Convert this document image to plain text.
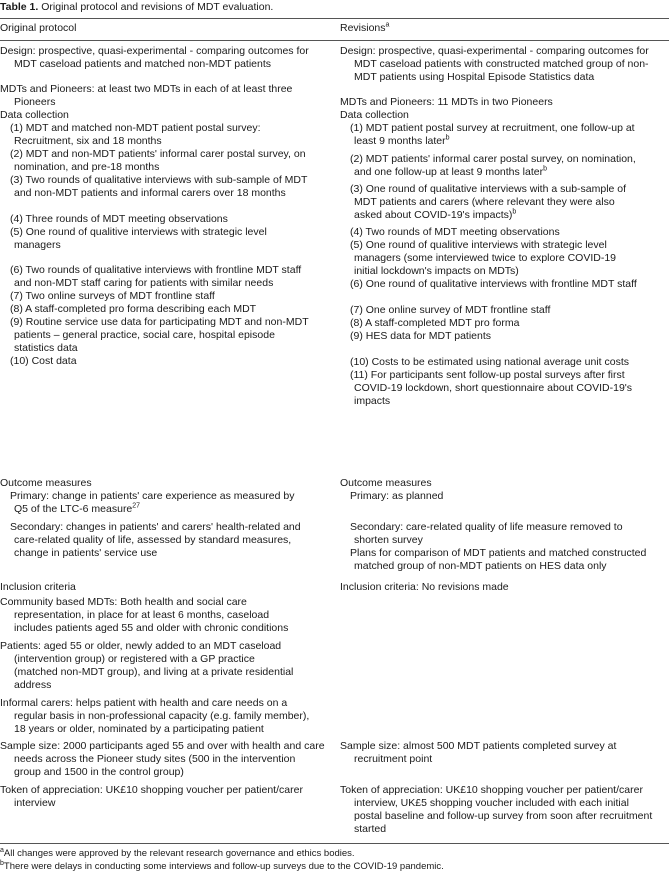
Table 1. Original protocol and revisions of MDT evaluation.
Original protocol	Revisions$^a$
Design: prospective, quasi-experimental - comparing outcomes for
MDT caseload patients and matched non-MDT patients
MDTs and Pioneers: at least two MDTs in each of at least three
Pioneers
Data collection
(1) MDT and matched non-MDT patient postal survey:
Recruitment, six and 18 months
(2) MDT and non-MDT patients' informal carer postal survey, on
nomination, and pre-18 months
(3) Two rounds of qualitative interviews with sub-sample of MDT
and non-MDT patients and informal carers over 18 months
(4) Three rounds of MDT meeting observations
(5) One round of qualitive interviews with strategic level
managers
(6) Two rounds of qualitative interviews with frontline MDT staff
and non-MDT staff caring for patients with similar needs
(7) Two online surveys of MDT frontline staff
(8) A staff-completed pro forma describing each MDT
(9) Routine service use data for participating MDT and non-MDT
patients – general practice, social care, hospital episode
statistics data
(10) Cost data
Outcome measures
Primary: change in patients' care experience as measured by
Q5 of the LTC-6 measure$^{27}$
Secondary: changes in patients' and carers' health-related and
care-related quality of life, assessed by standard measures,
change in patients' service use
Inclusion criteria
Community based MDTs: Both health and social care
representation, in place for at least 6 months, caseload
includes patients aged 55 and older with chronic conditions
Patients: aged 55 or older, newly added to an MDT caseload
(intervention group) or registered with a GP practice
(matched non-MDT group), and living at a private residential
address
Informal carers: helps patient with health and care needs on a
regular basis in non-professional capacity (e.g. family member),
18 years or older, nominated by a participating patient
Sample size: 2000 participants aged 55 and over with health and care
needs across the Pioneer study sites (500 in the intervention
group and 1500 in the control group)
Token of appreciation: UK£10 shopping voucher per patient/carer
interview
Design: prospective, quasi-experimental - comparing outcomes for
MDT caseload patients with constructed matched group of non-
MDT patients using Hospital Episode Statistics data
MDTs and Pioneers: 11 MDTs in two Pioneers
Data collection
(1) MDT patient postal survey at recruitment, one follow-up at
least 9 months later$^b$
(2) MDT patients' informal carer postal survey, on nomination,
and one follow-up at least 9 months later$^b$
(3) One round of qualitative interviews with a sub-sample of
MDT patients and carers (where relevant they were also
asked about COVID-19's impacts)$^b$
(4) Two rounds of MDT meeting observations
(5) One round of qualitive interviews with strategic level
managers (some interviewed twice to explore COVID-19
initial lockdown's impacts on MDTs)
(6) One round of qualitative interviews with frontline MDT staff
(7) One online survey of MDT frontline staff
(8) A staff-completed MDT pro forma
(9) HES data for MDT patients
(10) Costs to be estimated using national average unit costs
(11) For participants sent follow-up postal surveys after first
COVID-19 lockdown, short questionnaire about COVID-19's
impacts
Outcome measures
Primary: as planned
Secondary: care-related quality of life measure removed to
shorten survey
Plans for comparison of MDT patients and matched constructed
matched group of non-MDT patients on HES data only
Inclusion criteria: No revisions made
Sample size: almost 500 MDT patients completed survey at
recruitment point
Token of appreciation: UK£10 shopping voucher per patient/carer
interview, UK£5 shopping voucher included with each initial
postal baseline and follow-up survey from soon after recruitment
started
$^a$All changes were approved by the relevant research governance and ethics bodies.
$^b$There were delays in conducting some interviews and follow-up surveys due to the COVID-19 pandemic.
